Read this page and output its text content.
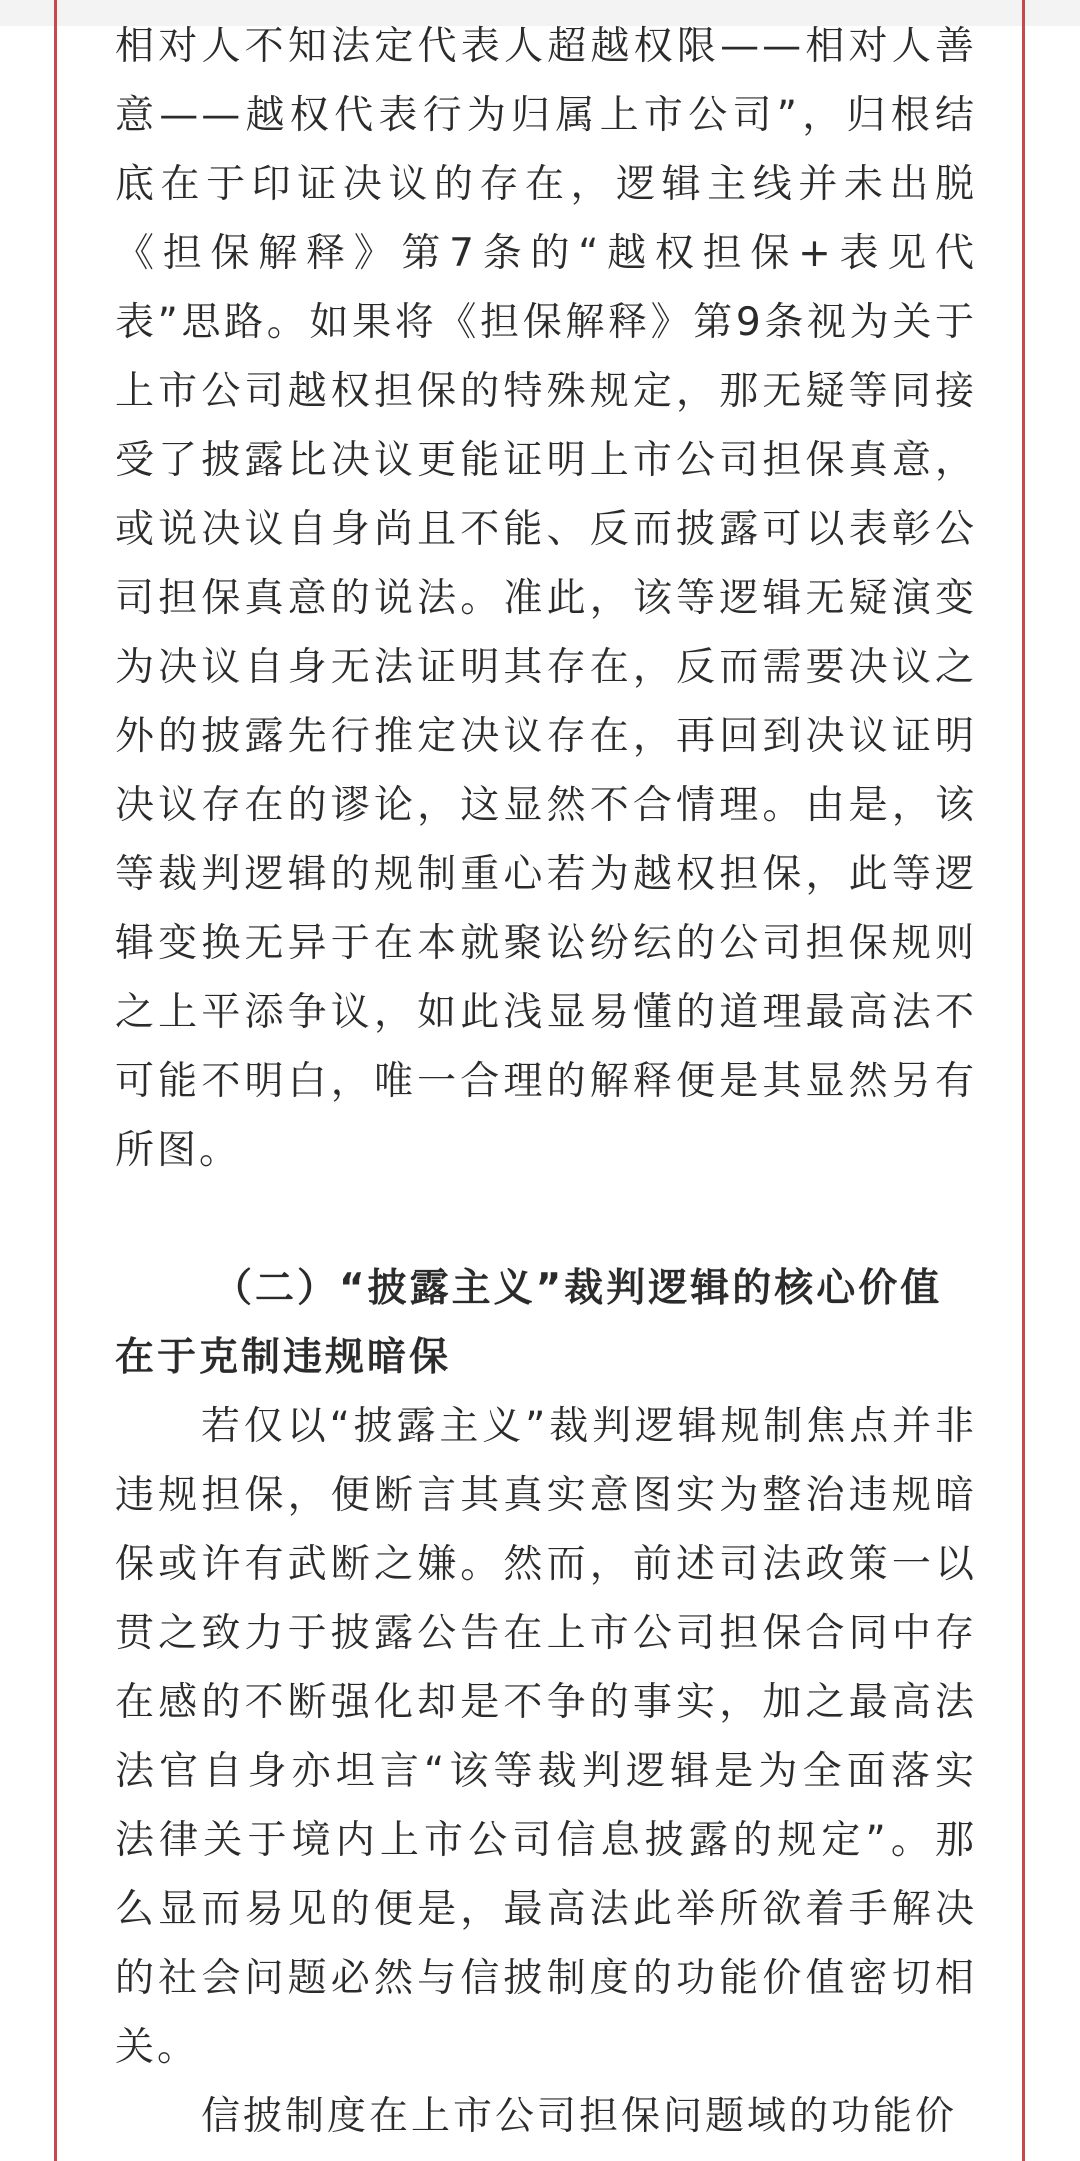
相对人不知法定代表人超越权限——相对人善意——越权代表行为归属上市公司”，归根结底在于印证决议的存在，逻辑主线并未出脱《担保解释》第7条的“越权担保+表见代表”思路。如果将《担保解释》第9条视为关于上市公司越权担保的特殊规定，那无疑等同接受了披露比决议更能证明上市公司担保真意，或说决议自身尚且不能、反而披露可以表彰公司担保真意的说法。准此，该等逻辑无疑演变为决议自身无法证明其存在，反而需要决议之外的披露先行推定决议存在，再回到决议证明决议存在的谬论，这显然不合情理。由是，该等裁判逻辑的规制重心若为越权担保，此等逻辑变换无异于在本就聚讼纷纭的公司担保规则之上平添争议，如此浅显易懂的道理最高法不可能不明白，唯一合理的解释便是其显然另有所图。

（二）“披露主义”裁判逻辑的核心价值在于克制违规暗保

若仅以“披露主义”裁判逻辑规制焦点并非违规担保，便断言其真实意图实为整治违规暗保或许有武断之嫌。然而，前述司法政策一以贯之致力于披露公告在上市公司担保合同中存在感的不断强化却是不争的事实，加之最高法法官自身亦坦言“该等裁判逻辑是为全面落实法律关于境内上市公司信息披露的规定”。那么显而易见的便是，最高法此举所欲着手解决的社会问题必然与信披制度的功能价值密切相关。

信披制度在上市公司担保问题域的功能价
